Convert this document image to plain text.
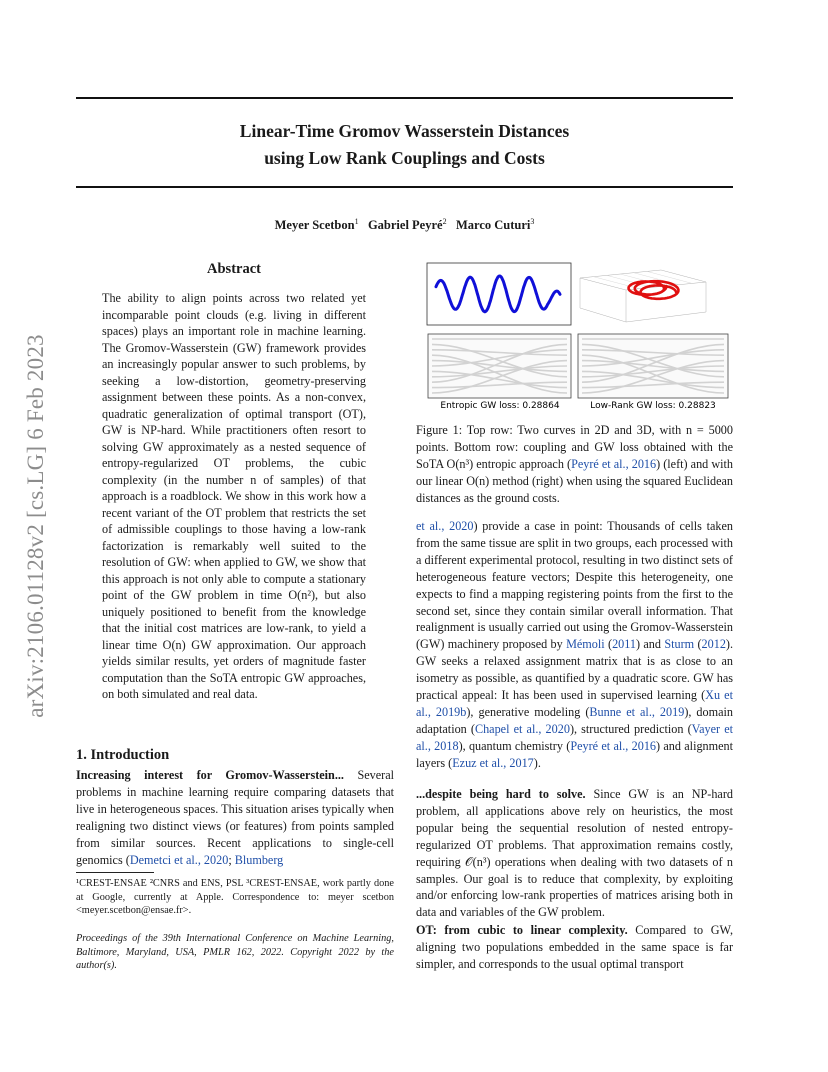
arXiv:2106.01128v2 [cs.LG] 6 Feb 2023
Linear-Time Gromov Wasserstein Distances
using Low Rank Couplings and Costs
Meyer Scetbon$^1$ Gabriel Peyré$^2$ Marco Cuturi$^3$
Abstract
The ability to align points across two related yet incomparable point clouds (e.g. living in different spaces) plays an important role in machine learning. The Gromov-Wasserstein (GW) framework provides an increasingly popular answer to such problems, by seeking a low-distortion, geometry-preserving assignment between these points. As a non-convex, quadratic generalization of optimal transport (OT), GW is NP-hard. While practitioners often resort to solving GW approximately as a nested sequence of entropy-regularized OT problems, the cubic complexity (in the number n of samples) of that approach is a roadblock. We show in this work how a recent variant of the OT problem that restricts the set of admissible couplings to those having a low-rank factorization is remarkably well suited to the resolution of GW: when applied to GW, we show that this approach is not only able to compute a stationary point of the GW problem in time O(n²), but also uniquely positioned to benefit from the knowledge that the initial cost matrices are low-rank, to yield a linear time O(n) GW approximation. Our approach yields similar results, yet orders of magnitude faster computation than the SoTA entropic GW approaches, on both simulated and real data.
1. Introduction
Increasing interest for Gromov-Wasserstein... Several problems in machine learning require comparing datasets that live in heterogeneous spaces. This situation arises typically when realigning two distinct views (or features) from points sampled from similar sources. Recent applications to single-cell genomics (Demetci et al., 2020; Blumberg
¹CREST-ENSAE ²CNRS and ENS, PSL ³CREST-ENSAE, work partly done at Google, currently at Apple. Correspondence to: meyer scetbon <meyer.scetbon@ensae.fr>.
Proceedings of the 39th International Conference on Machine Learning, Baltimore, Maryland, USA, PMLR 162, 2022. Copyright 2022 by the author(s).
Entropic GW loss: 0.28864	Low-Rank GW loss: 0.28823
Figure 1: Top row: Two curves in 2D and 3D, with n = 5000 points. Bottom row: coupling and GW loss obtained with the SoTA O(n³) entropic approach (Peyré et al., 2016) (left) and with our linear O(n) method (right) when using the squared Euclidean distances as the ground costs.
et al., 2020) provide a case in point: Thousands of cells taken from the same tissue are split in two groups, each processed with a different experimental protocol, resulting in two distinct sets of heterogeneous feature vectors; Despite this heterogeneity, one expects to find a mapping registering points from the first to the second set, since they contain similar overall information. That realignment is usually carried out using the Gromov-Wasserstein (GW) machinery proposed by Mémoli (2011) and Sturm (2012). GW seeks a relaxed assignment matrix that is as close to an isometry as possible, as quantified by a quadratic score. GW has practical appeal: It has been used in supervised learning (Xu et al., 2019b), generative modeling (Bunne et al., 2019), domain adaptation (Chapel et al., 2020), structured prediction (Vayer et al., 2018), quantum chemistry (Peyré et al., 2016) and alignment layers (Ezuz et al., 2017).
...despite being hard to solve. Since GW is an NP-hard problem, all applications above rely on heuristics, the most popular being the sequential resolution of nested entropy-regularized OT problems. That approximation remains costly, requiring 𝒪(n³) operations when dealing with two datasets of n samples. Our goal is to reduce that complexity, by exploiting and/or enforcing low-rank properties of matrices arising both in data and variables of the GW problem.
OT: from cubic to linear complexity. Compared to GW, aligning two populations embedded in the same space is far simpler, and corresponds to the usual optimal transport
